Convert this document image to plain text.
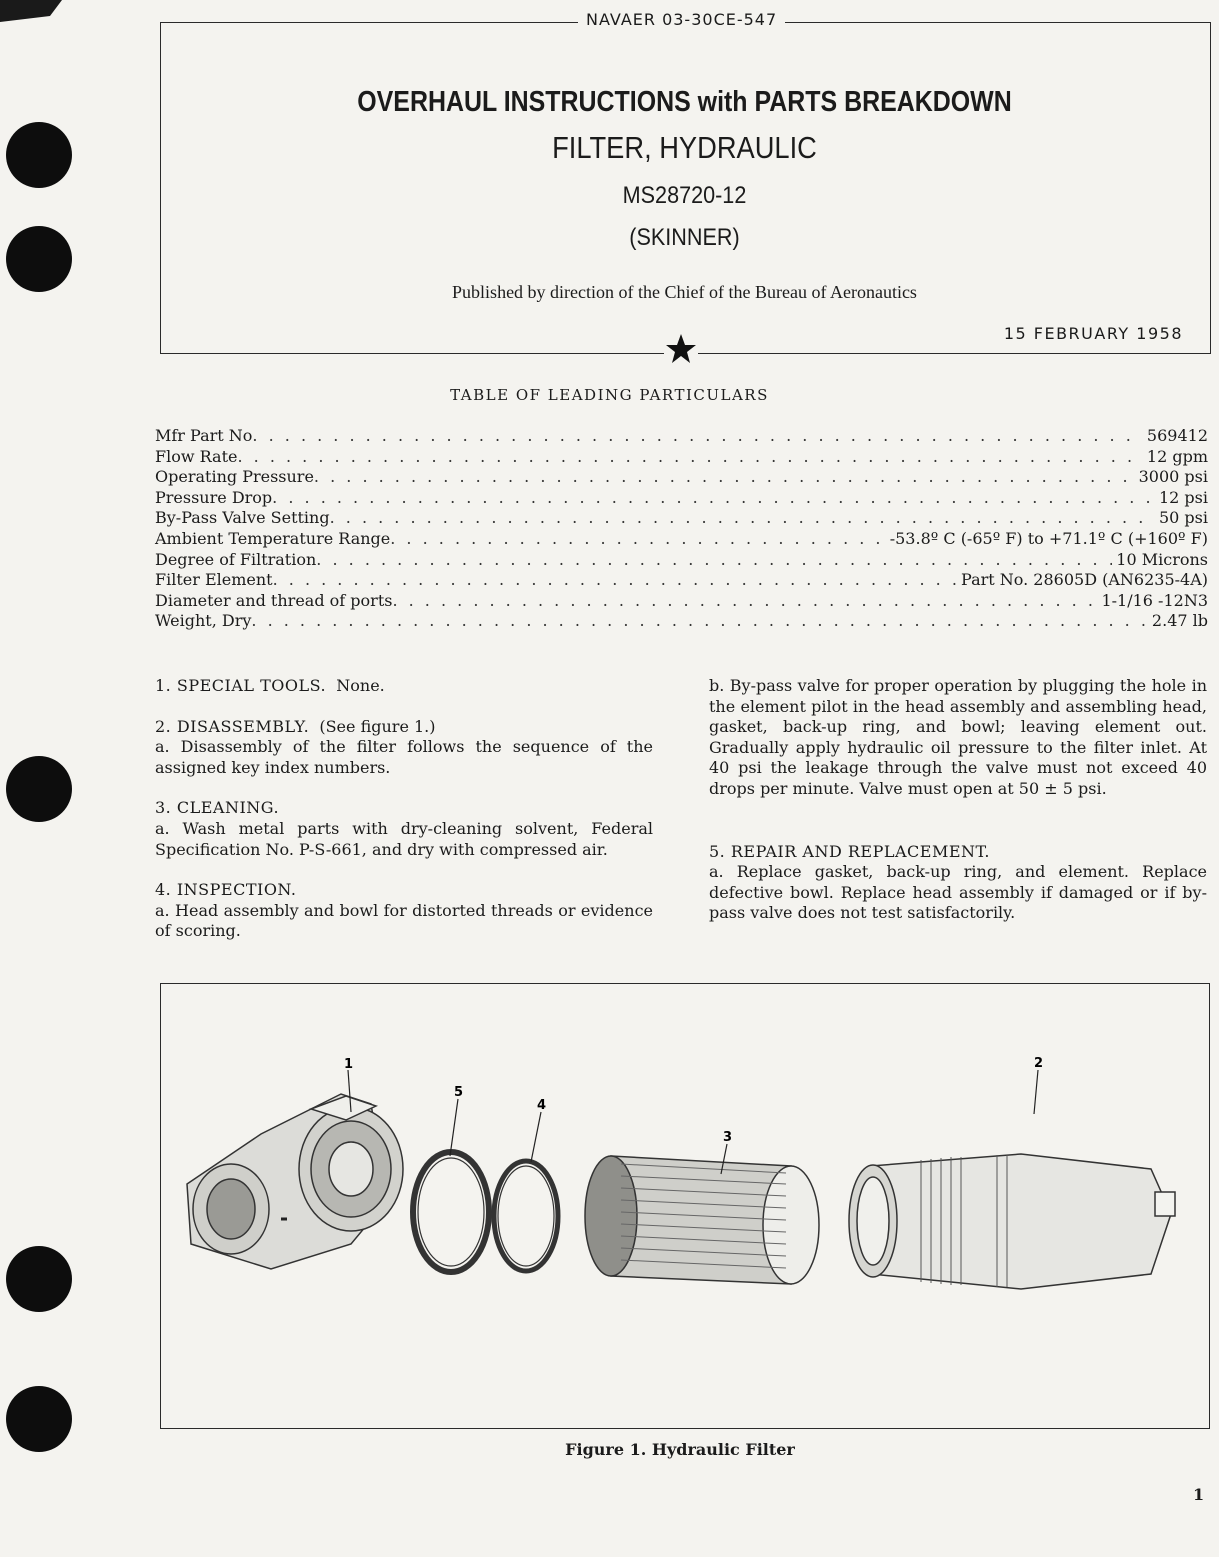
NAVAER 03-30CE-547
OVERHAUL INSTRUCTIONS with PARTS BREAKDOWN
FILTER, HYDRAULIC
MS28720-12
(SKINNER)
Published by direction of the Chief of the Bureau of Aeronautics
15 FEBRUARY 1958
TABLE OF LEADING PARTICULARS
Mfr Part No . . .	569412
Flow Rate . . .	12 gpm
Operating Pressure . . .	3000 psi
Pressure Drop . . .	12 psi
By-Pass Valve Setting . . .	50 psi
Ambient Temperature Range . . .	-53.8º C (-65º F) to +71.1º C (+160º F)
Degree of Filtration . . .	10 Microns
Filter Element . . .	Part No. 28605D (AN6235-4A)
Diameter and thread of ports . . .	1-1/16 -12N3
Weight, Dry . . .	2.47 lb

1. SPECIAL TOOLS. None.

2. DISASSEMBLY. (See figure 1.)

a. Disassembly of the filter follows the sequence of the assigned key index numbers.

3. CLEANING.

a. Wash metal parts with dry-cleaning solvent, Federal Specification No. P-S-661, and dry with compressed air.

4. INSPECTION.

a. Head assembly and bowl for distorted threads or evidence of scoring.

b. By-pass valve for proper operation by plugging the hole in the element pilot in the head assembly and assembling head, gasket, back-up ring, and bowl; leaving element out. Gradually apply hydraulic oil pressure to the filter inlet. At 40 psi the leakage through the valve must not exceed 40 drops per minute. Valve must open at 50 ± 5 psi.

5. REPAIR AND REPLACEMENT.

a. Replace gasket, back-up ring, and element. Replace defective bowl. Replace head assembly if damaged or if by-pass valve does not test satisfactorily.

1
5
4
3
2
Figure 1. Hydraulic Filter
1
